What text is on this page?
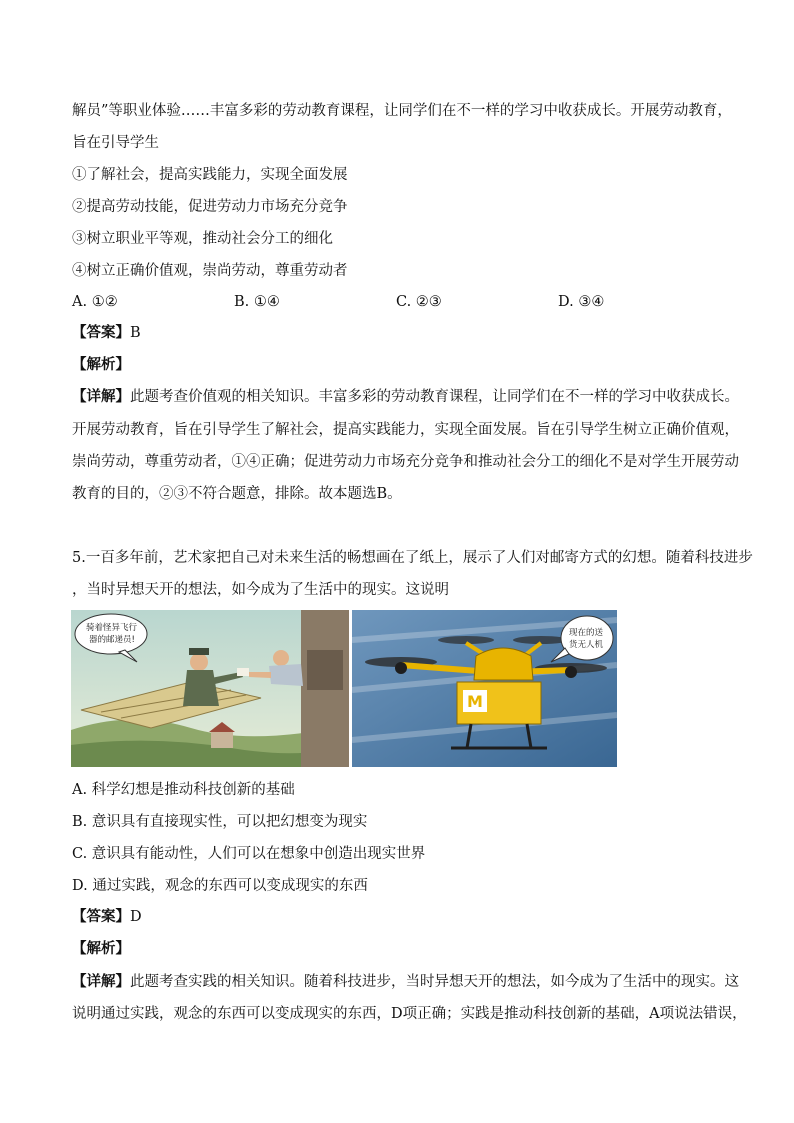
解员”等职业体验……丰富多彩的劳动教育课程，让同学们在不一样的学习中收获成长。开展劳动教育，
旨在引导学生
①了解社会，提高实践能力，实现全面发展
②提高劳动技能，促进劳动力市场充分竞争
③树立职业平等观，推动社会分工的细化
④树立正确价值观，崇尚劳动，尊重劳动者
A. ①②	B. ①④	C. ②③	D. ③④
【答案】B
【解析】
【详解】此题考查价值观的相关知识。丰富多彩的劳动教育课程，让同学们在不一样的学习中收获成长。
开展劳动教育，旨在引导学生了解社会，提高实践能力，实现全面发展。旨在引导学生树立正确价值观，
崇尚劳动，尊重劳动者，①④正确；促进劳动力市场充分竞争和推动社会分工的细化不是对学生开展劳动
教育的目的，②③不符合题意，排除。故本题选B。
5.一百多年前，艺术家把自己对未来生活的畅想画在了纸上，展示了人们对邮寄方式的幻想。随着科技进步
，当时异想天开的想法，如今成为了生活中的现实。这说明
骑着怪异飞行
器的邮递员!
M
现在的送
货无人机
A. 科学幻想是推动科技创新的基础
B. 意识具有直接现实性，可以把幻想变为现实
C. 意识具有能动性，人们可以在想象中创造出现实世界
D. 通过实践，观念的东西可以变成现实的东西
【答案】D
【解析】
【详解】此题考查实践的相关知识。随着科技进步，当时异想天开的想法，如今成为了生活中的现实。这
说明通过实践，观念的东西可以变成现实的东西，D项正确；实践是推动科技创新的基础，A项说法错误，
